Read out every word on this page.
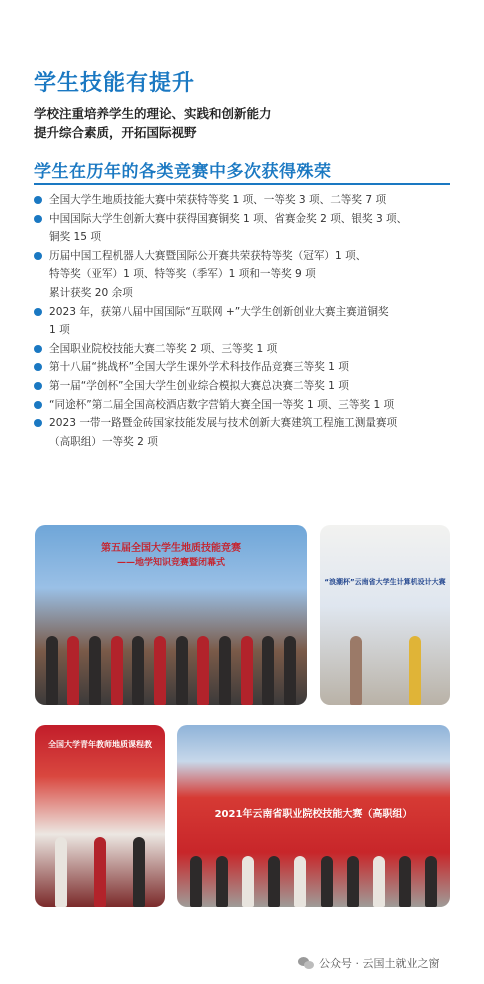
学生技能有提升
学校注重培养学生的理论、实践和创新能力
提升综合素质，开拓国际视野
学生在历年的各类竞赛中多次获得殊荣
全国大学生地质技能大赛中荣获特等奖 1 项、一等奖 3 项、二等奖 7 项
中国国际大学生创新大赛中获得国赛铜奖 1 项、省赛金奖 2 项、银奖 3 项、
铜奖 15 项
历届中国工程机器人大赛暨国际公开赛共荣获特等奖（冠军）1 项、
特等奖（亚军）1 项、特等奖（季军）1 项和一等奖 9 项
累计获奖 20 余项
2023 年，获第八届中国国际“互联网 +”大学生创新创业大赛主赛道铜奖
1 项
全国职业院校技能大赛二等奖 2 项、三等奖 1 项
第十八届“挑战杯”全国大学生课外学术科技作品竞赛三等奖 1 项
第一届“学创杯”全国大学生创业综合模拟大赛总决赛二等奖 1 项
“同途杯”第二届全国高校酒店数字营销大赛全国一等奖 1 项、三等奖 1 项
2023 一带一路暨金砖国家技能发展与技术创新大赛建筑工程施工测量赛项
（高职组）一等奖 2 项
第五届全国大学生地质技能竞赛
——地学知识竞赛暨闭幕式
“浪潮杯”云南省大学生计算机设计大赛
全国大学青年教师地质课程教
2021年云南省职业院校技能大赛（高职组）
公众号 · 云国土就业之窗
